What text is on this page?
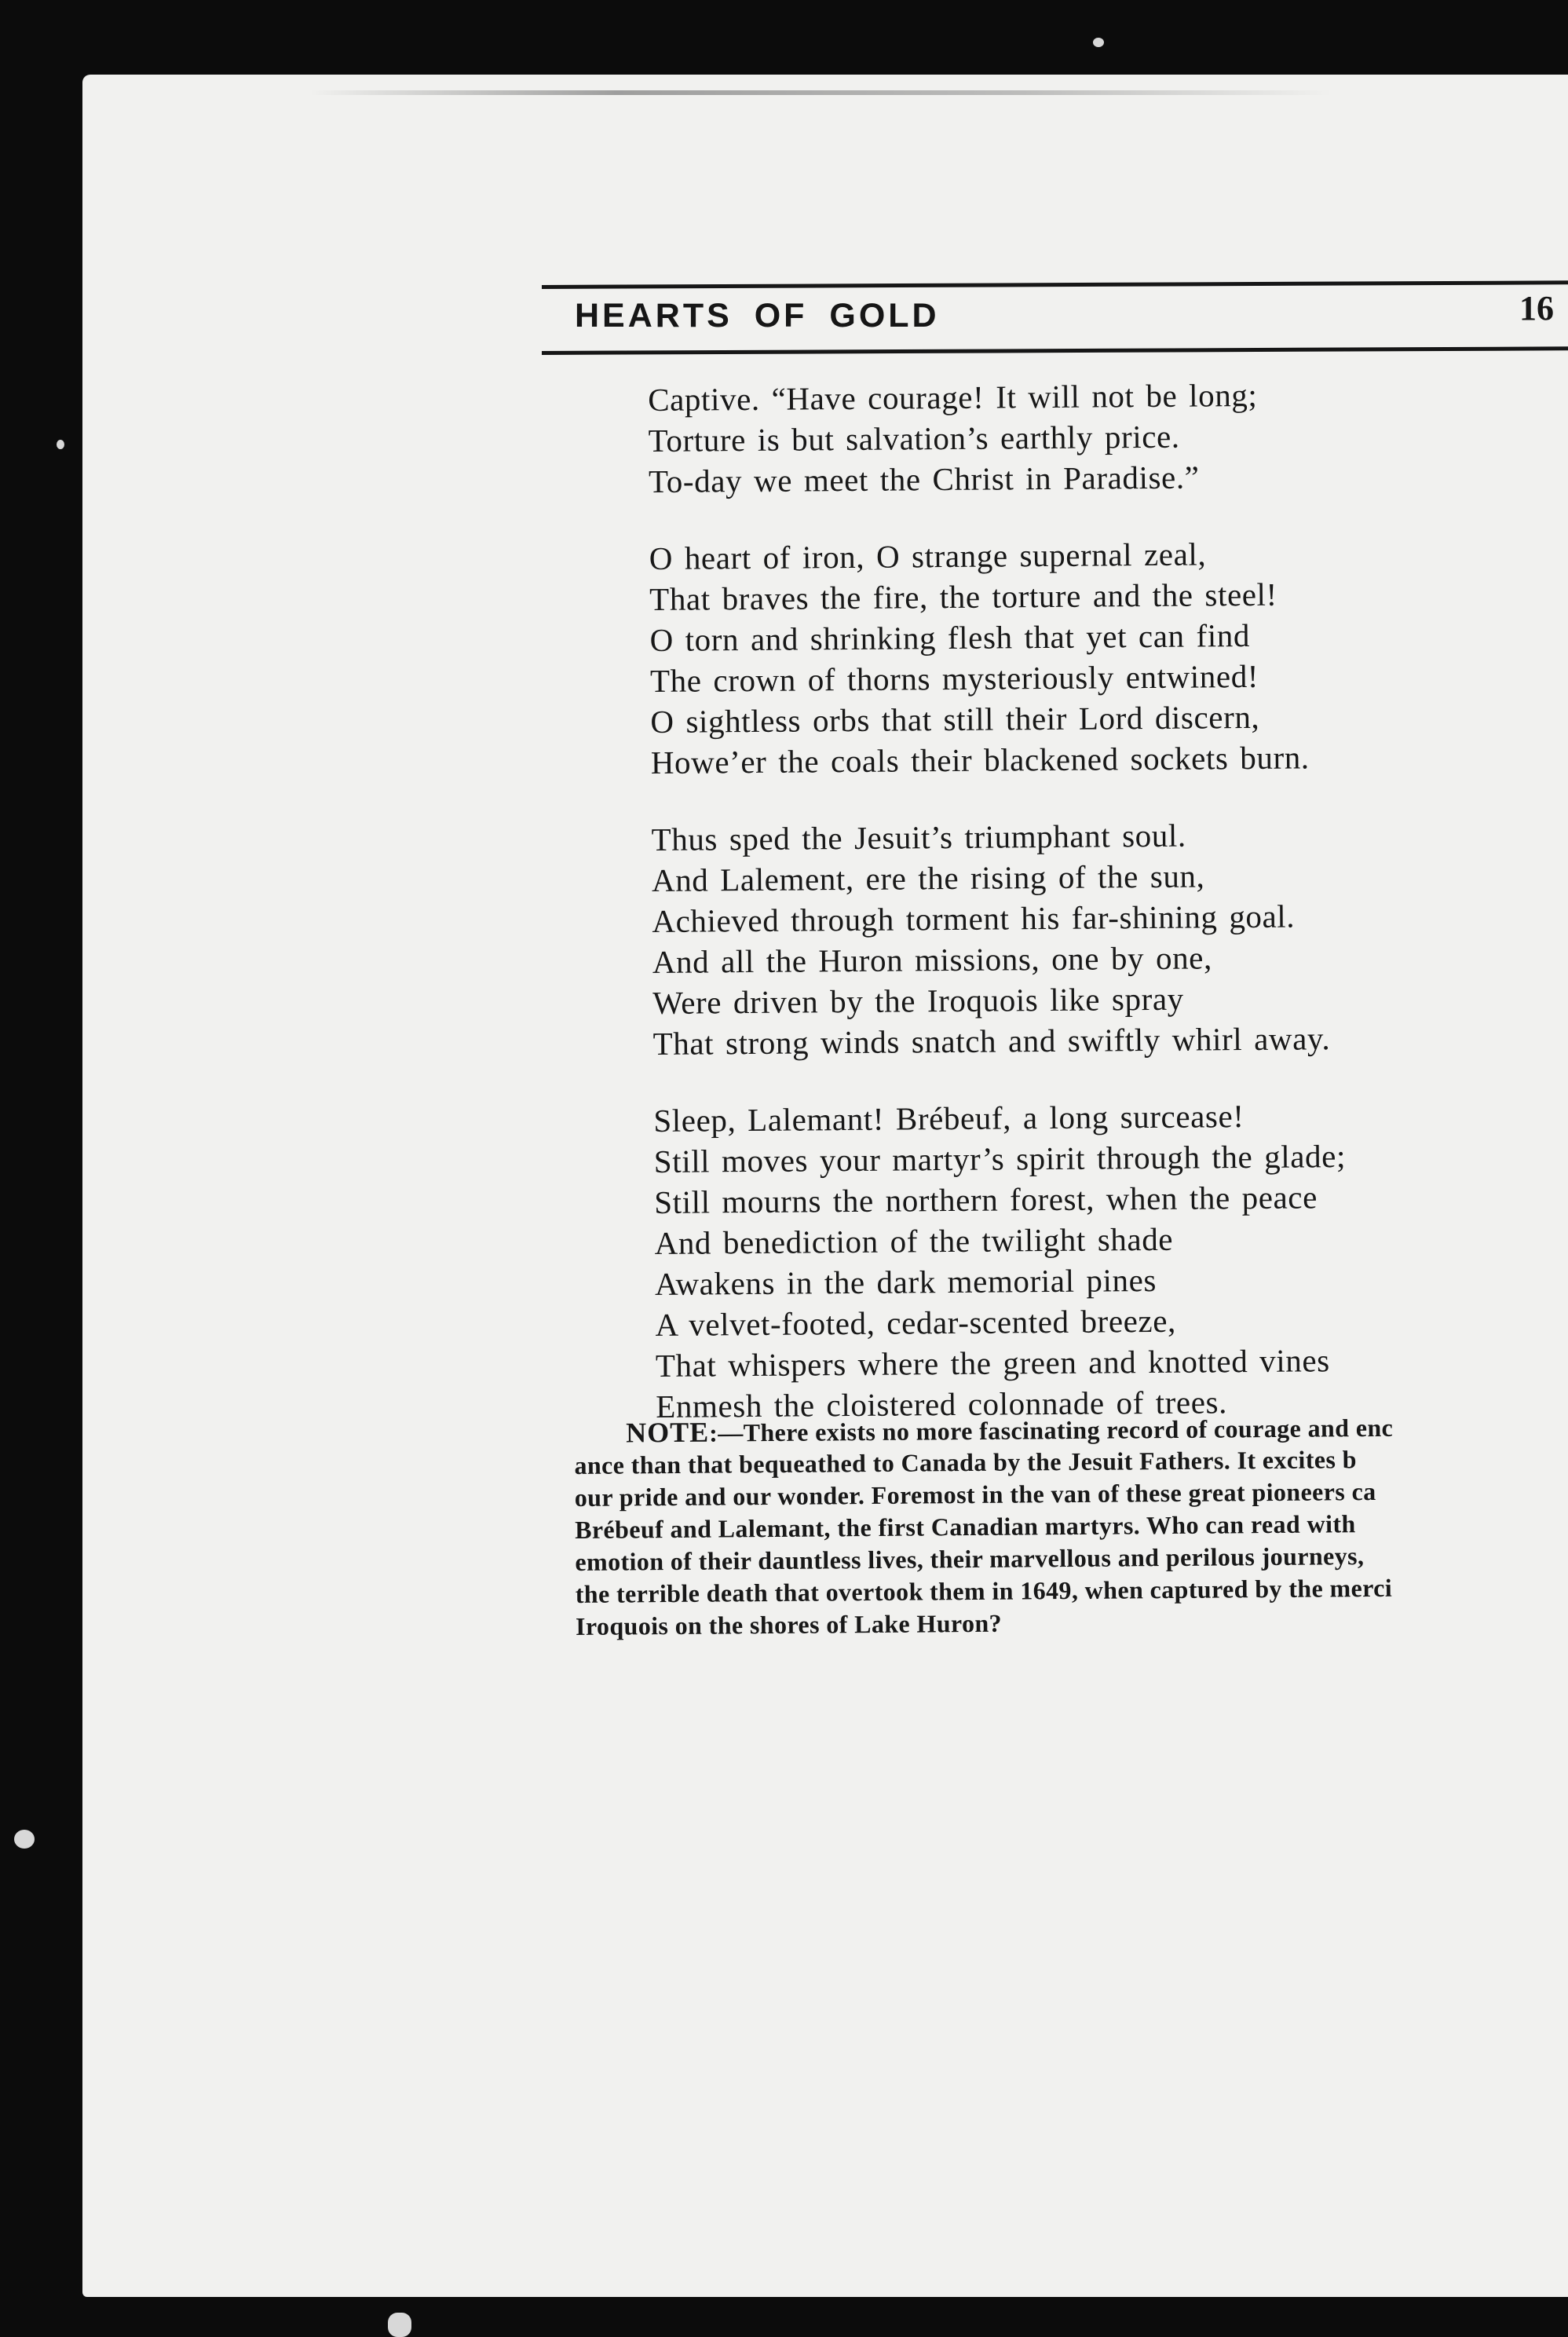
HEARTS OF GOLD	16
Captive. “Have courage! It will not be long;
Torture is but salvation’s earthly price.
To-day we meet the Christ in Paradise.”
O heart of iron, O strange supernal zeal,
That braves the fire, the torture and the steel!
O torn and shrinking flesh that yet can find
The crown of thorns mysteriously entwined!
O sightless orbs that still their Lord discern,
Howe’er the coals their blackened sockets burn.
Thus sped the Jesuit’s triumphant soul.
And Lalement, ere the rising of the sun,
Achieved through torment his far-shining goal.
And all the Huron missions, one by one,
Were driven by the Iroquois like spray
That strong winds snatch and swiftly whirl away.
Sleep, Lalemant! Brébeuf, a long surcease!
Still moves your martyr’s spirit through the glade;
Still mourns the northern forest, when the peace
And benediction of the twilight shade
Awakens in the dark memorial pines
A velvet-footed, cedar-scented breeze,
That whispers where the green and knotted vines
Enmesh the cloistered colonnade of trees.
NOTE:—There exists no more fascinating record of courage and enc
ance than that bequeathed to Canada by the Jesuit Fathers. It excites b
our pride and our wonder. Foremost in the van of these great pioneers ca
Brébeuf and Lalemant, the first Canadian martyrs. Who can read with
emotion of their dauntless lives, their marvellous and perilous journeys,
the terrible death that overtook them in 1649, when captured by the merci
Iroquois on the shores of Lake Huron?
